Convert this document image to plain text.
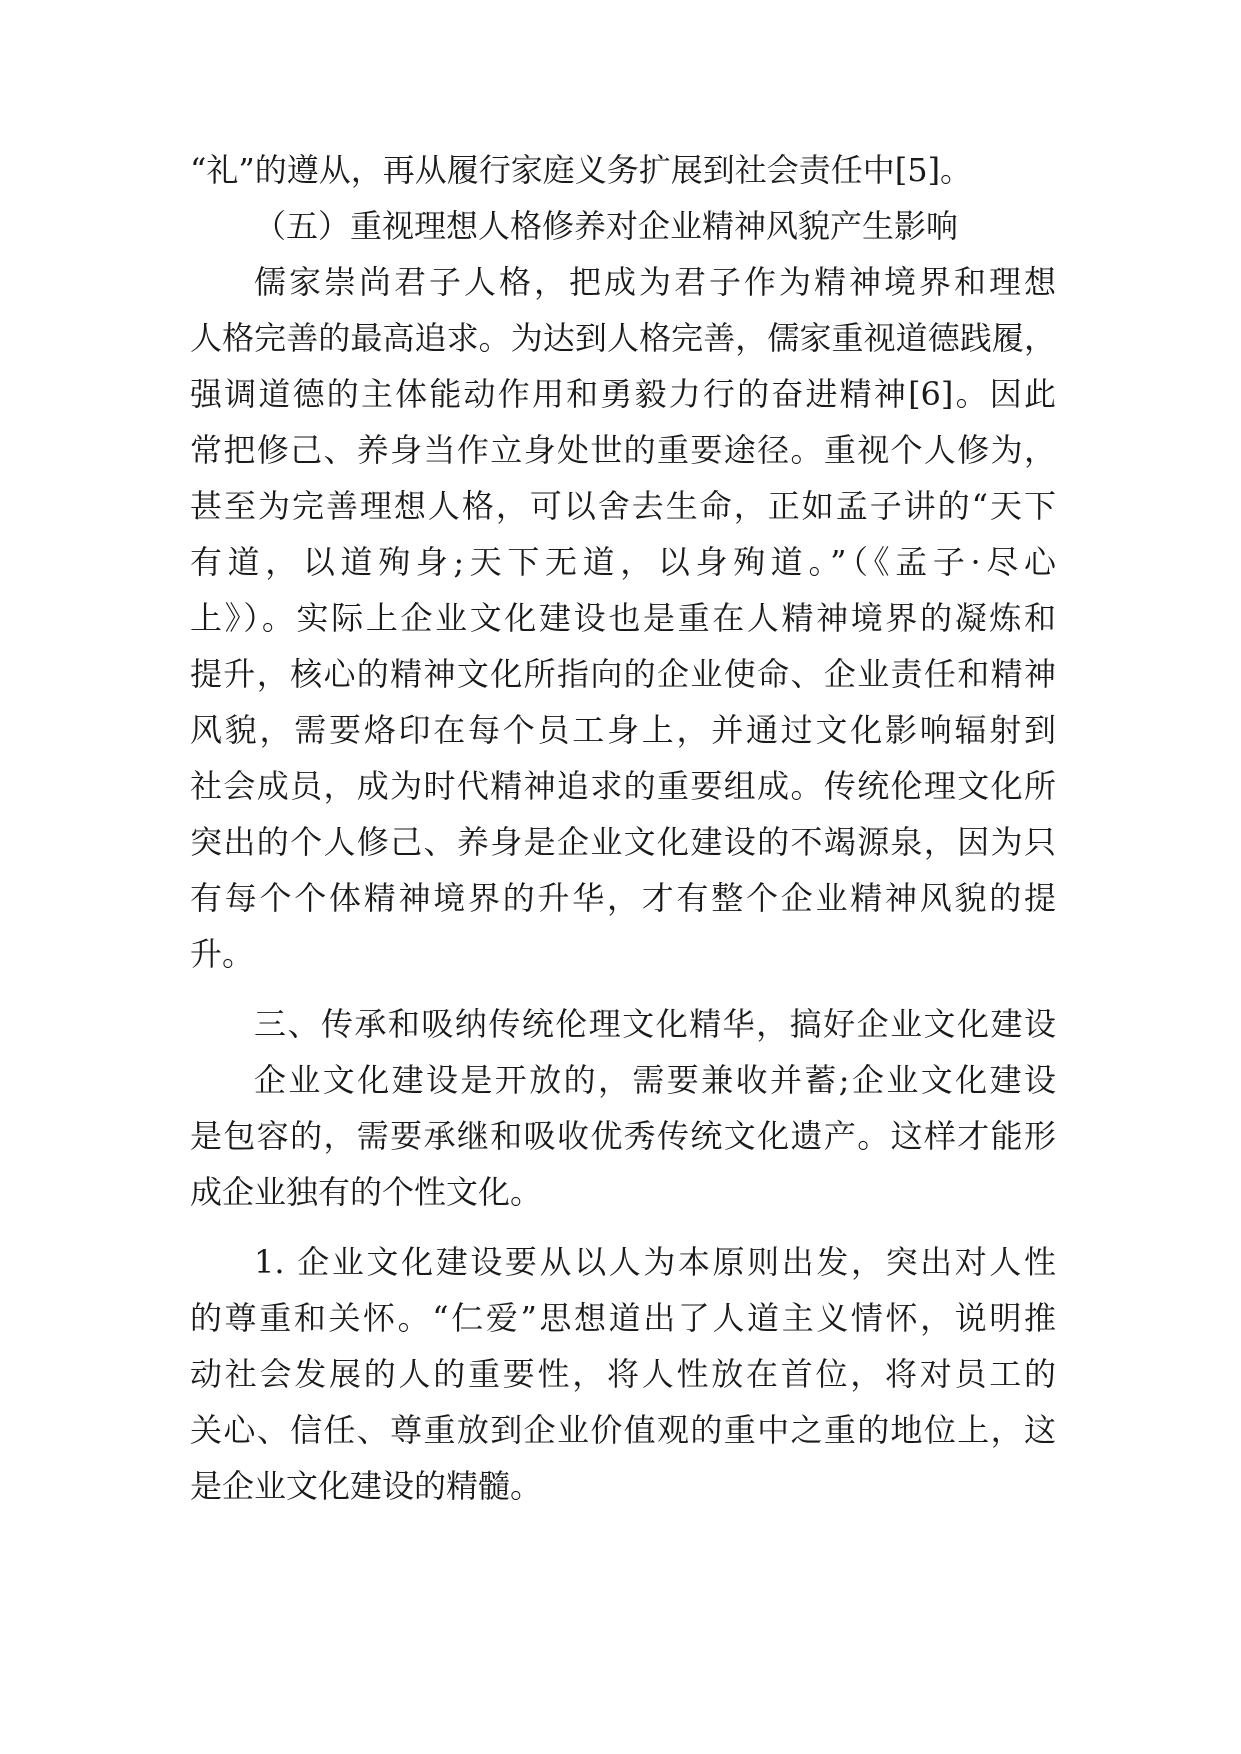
“礼”的遵从，再从履行家庭义务扩展到社会责任中[5]。
（五）重视理想人格修养对企业精神风貌产生影响
儒家崇尚君子人格，把成为君子作为精神境界和理想
人格完善的最高追求。为达到人格完善，儒家重视道德践履，
强调道德的主体能动作用和勇毅力行的奋进精神[6]。因此
常把修己、养身当作立身处世的重要途径。重视个人修为，
甚至为完善理想人格，可以舍去生命，正如孟子讲的“天下
有道，以道殉身;天下无道，以身殉道。”（《孟子·尽心
上》）。实际上企业文化建设也是重在人精神境界的凝炼和
提升，核心的精神文化所指向的企业使命、企业责任和精神
风貌，需要烙印在每个员工身上，并通过文化影响辐射到
社会成员，成为时代精神追求的重要组成。传统伦理文化所
突出的个人修己、养身是企业文化建设的不竭源泉，因为只
有每个个体精神境界的升华，才有整个企业精神风貌的提
升。
三、传承和吸纳传统伦理文化精华，搞好企业文化建设
企业文化建设是开放的，需要兼收并蓄;企业文化建设
是包容的，需要承继和吸收优秀传统文化遗产。这样才能形
成企业独有的个性文化。
1. 企业文化建设要从以人为本原则出发，突出对人性
的尊重和关怀。“仁爱”思想道出了人道主义情怀，说明推
动社会发展的人的重要性，将人性放在首位，将对员工的
关心、信任、尊重放到企业价值观的重中之重的地位上，这
是企业文化建设的精髓。
